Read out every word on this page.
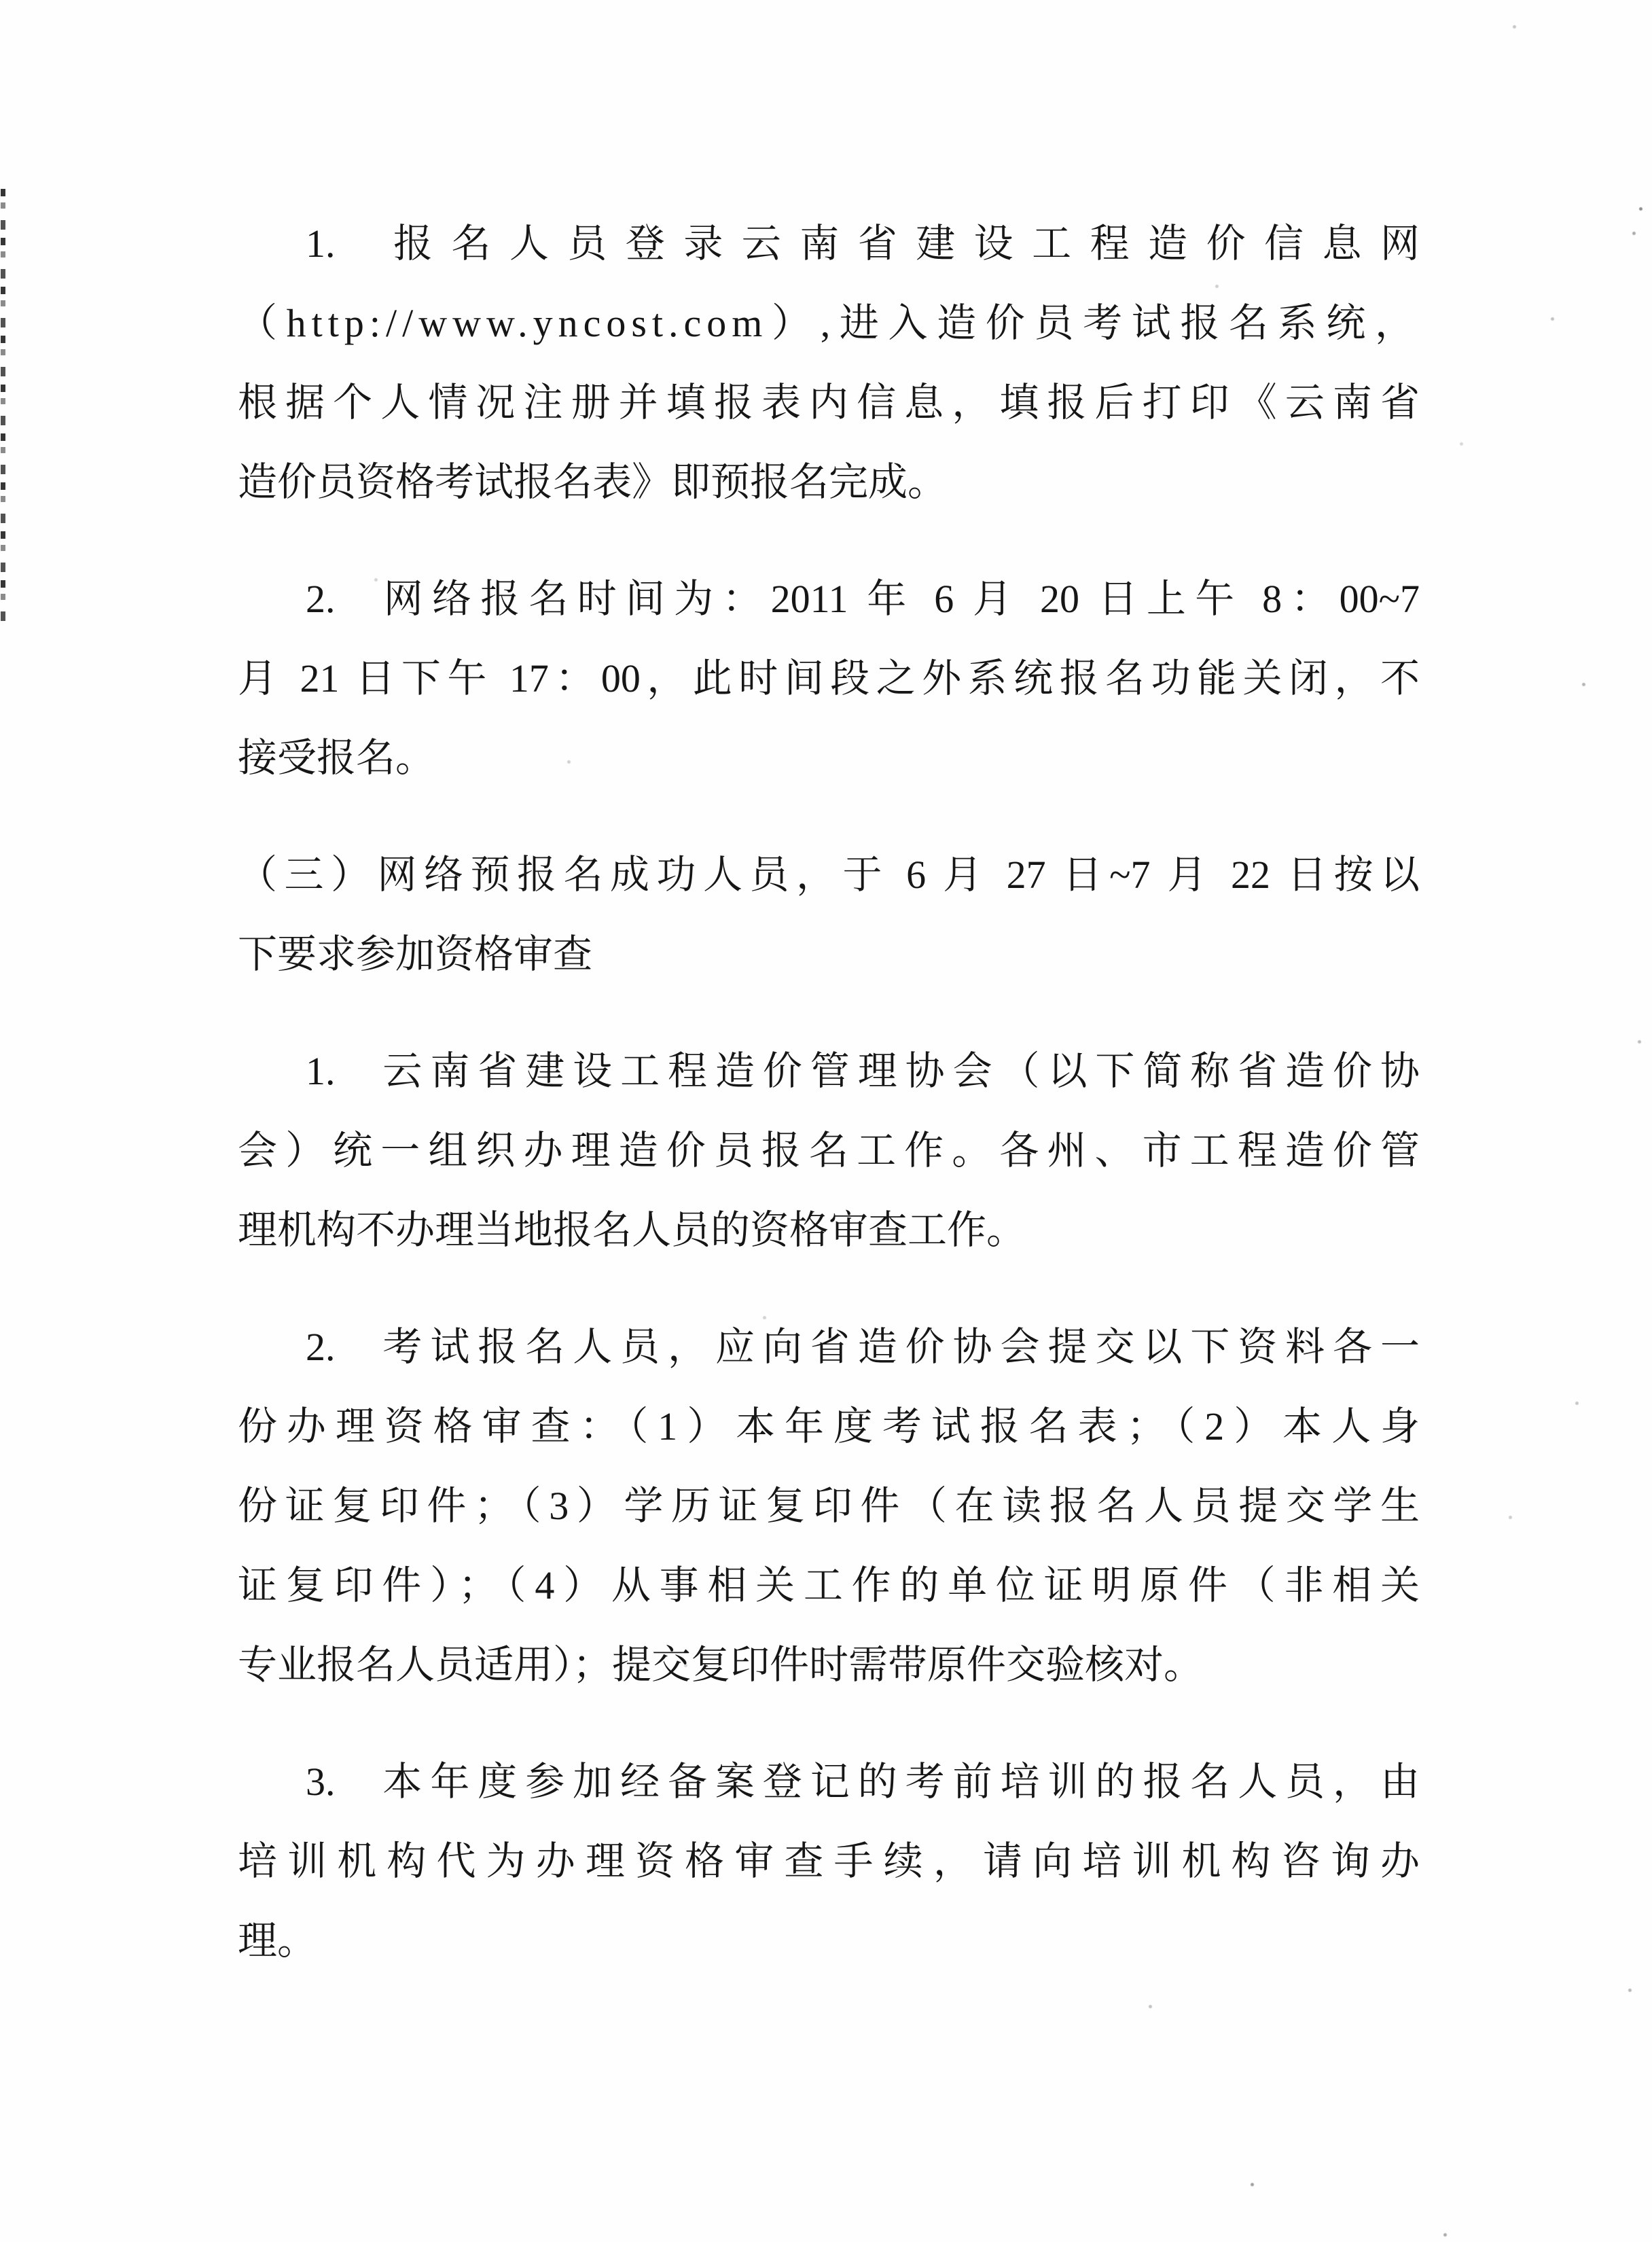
1. 报名人员登录云南省建设工程造价信息网
（http://www.yncost.com）,进入造价员考试报名系统，
根据个人情况注册并填报表内信息，填报后打印《云南省
造价员资格考试报名表》即预报名完成。
2. 网络报名时间为：2011 年 6 月 20 日上午 8：00~7
月 21 日下午 17：00，此时间段之外系统报名功能关闭，不
接受报名。
（三）网络预报名成功人员，于 6 月 27 日~7 月 22 日按以
下要求参加资格审查
1. 云南省建设工程造价管理协会（以下简称省造价协
会）统一组织办理造价员报名工作。各州、市工程造价管
理机构不办理当地报名人员的资格审查工作。
2. 考试报名人员，应向省造价协会提交以下资料各一
份办理资格审查：（1）本年度考试报名表；（2）本人身
份证复印件；（3）学历证复印件（在读报名人员提交学生
证复印件）；（4）从事相关工作的单位证明原件（非相关
专业报名人员适用）；提交复印件时需带原件交验核对。
3. 本年度参加经备案登记的考前培训的报名人员，由
培训机构代为办理资格审查手续，请向培训机构咨询办
理。
